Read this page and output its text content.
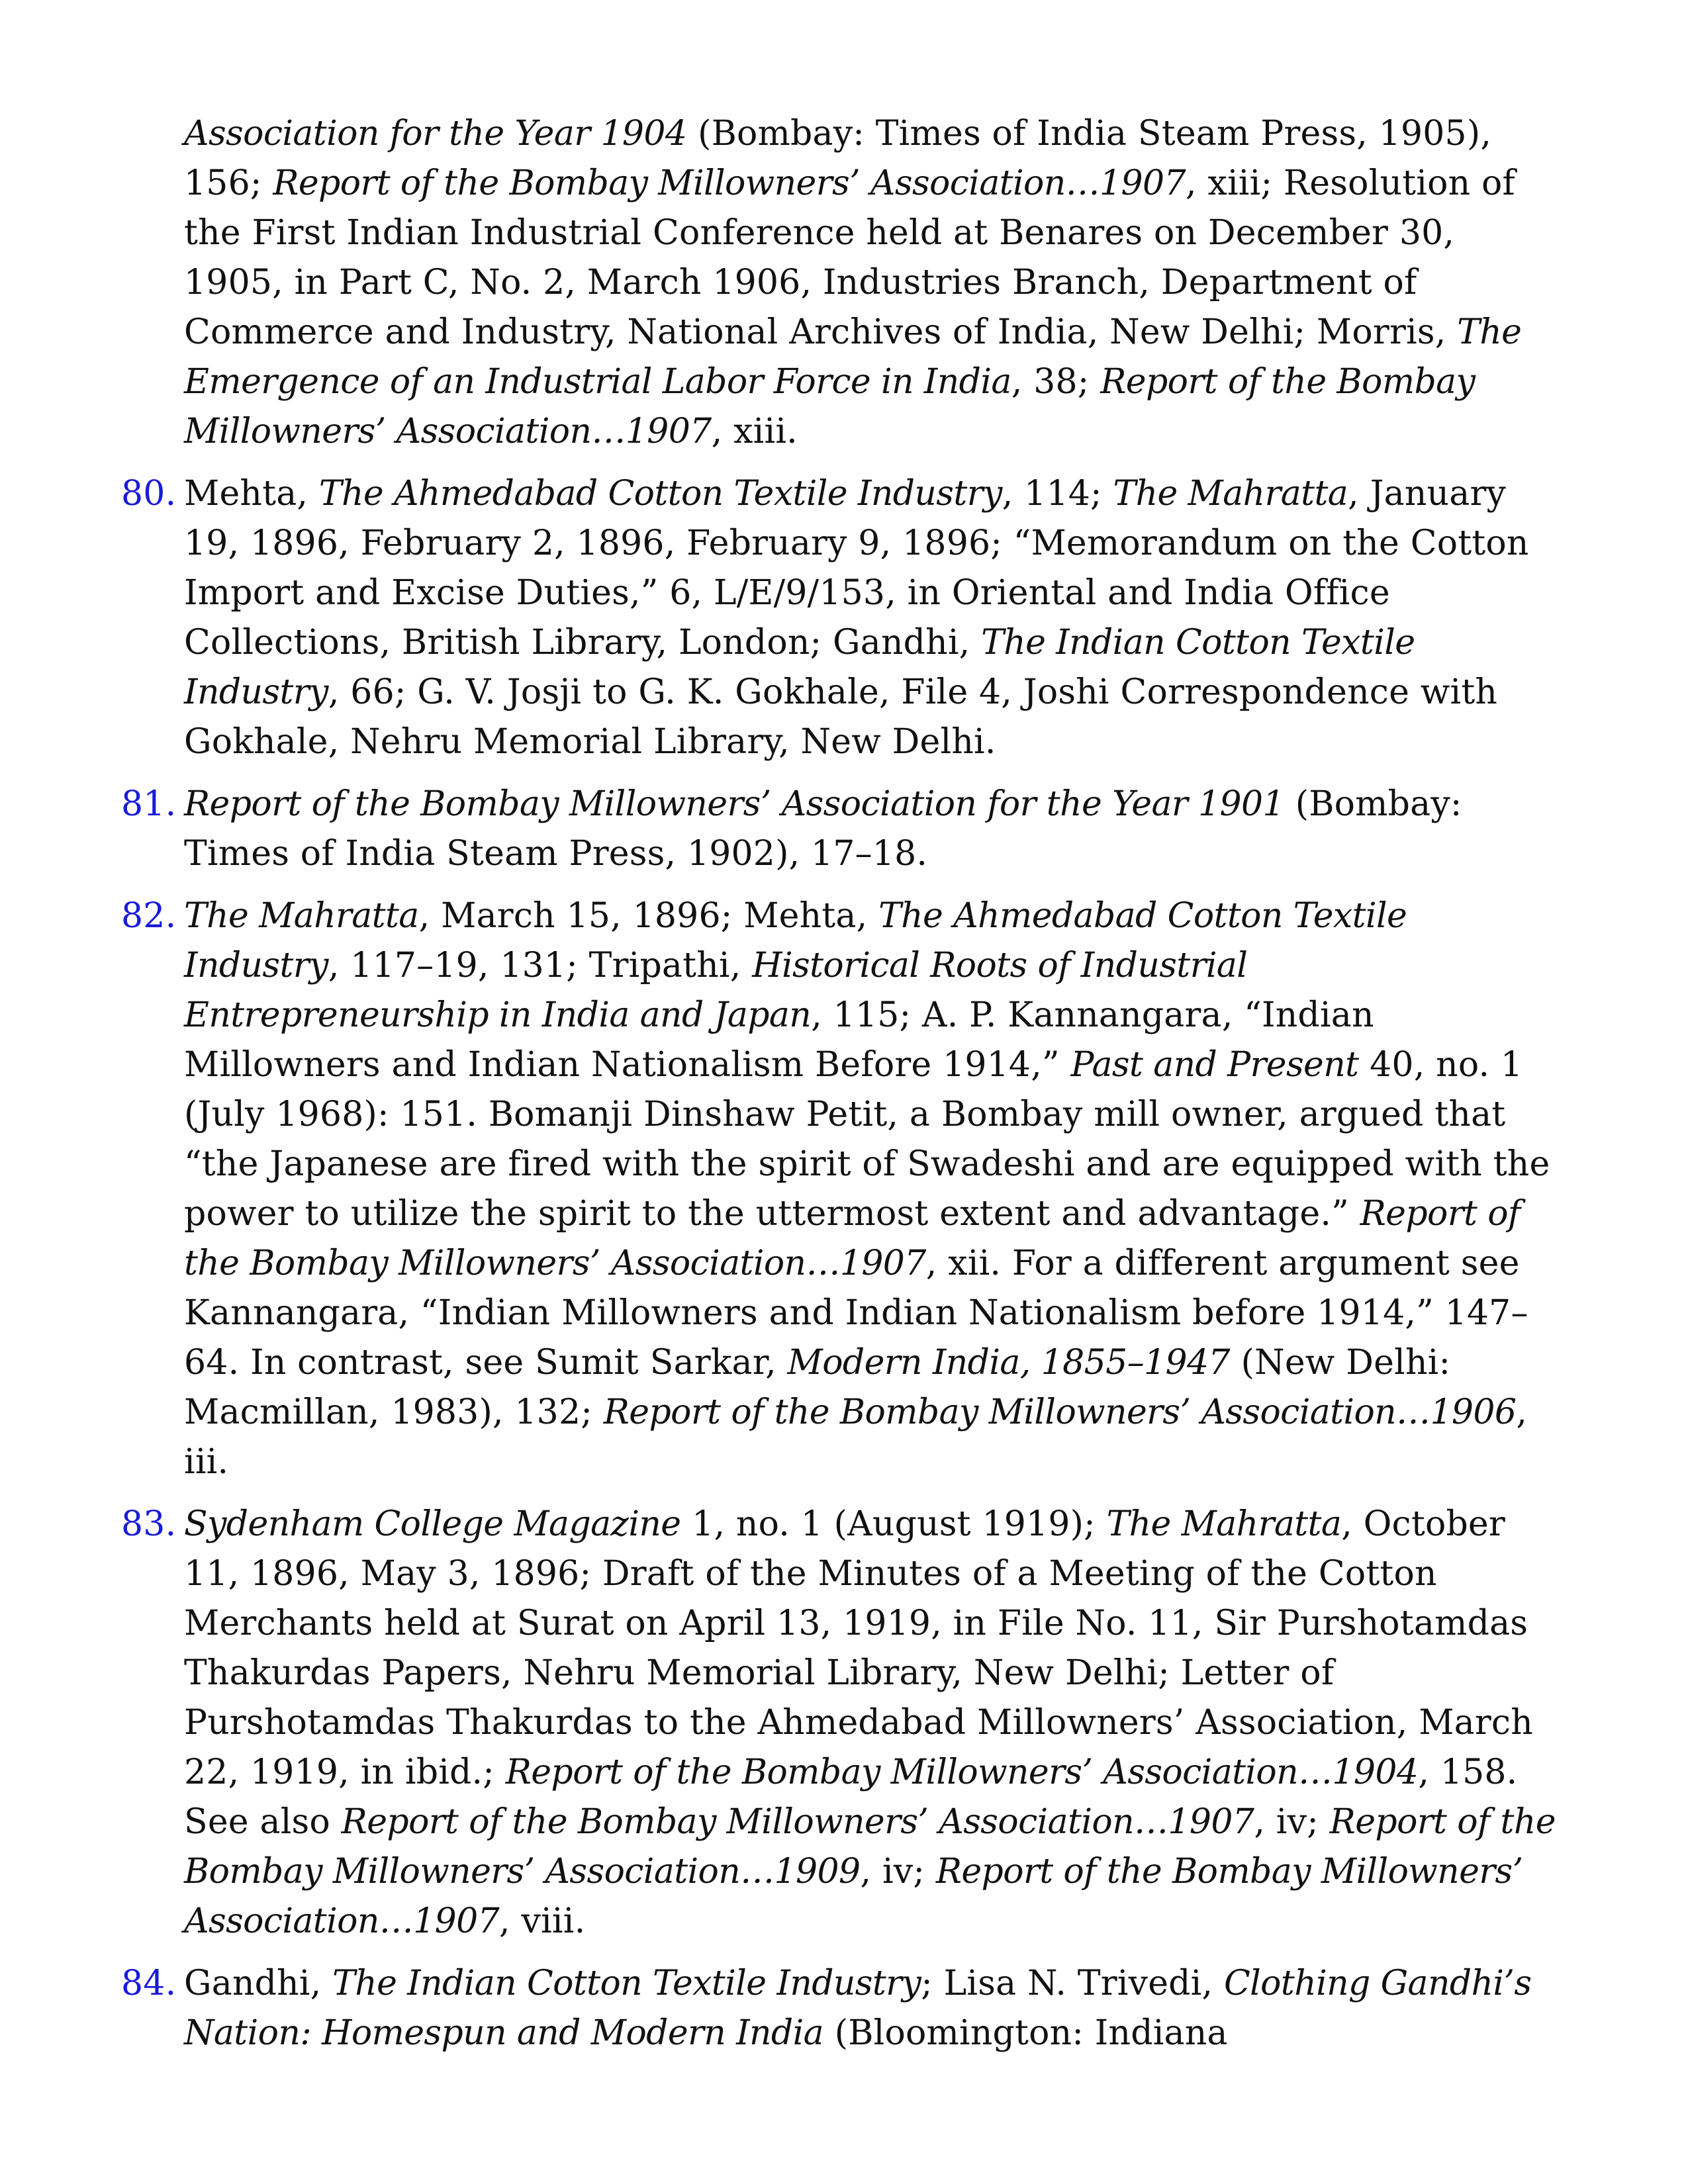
Association for the Year 1904 (Bombay: Times of India Steam Press, 1905), 156; Report of the Bombay Millowners’ Association…1907, xiii; Resolution of the First Indian Industrial Conference held at Benares on December 30, 1905, in Part C, No. 2, March 1906, Industries Branch, Department of Commerce and Industry, National Archives of India, New Delhi; Morris, The Emergence of an Industrial Labor Force in India, 38; Report of the Bombay Millowners’ Association…1907, xiii.
80. Mehta, The Ahmedabad Cotton Textile Industry, 114; The Mahratta, January 19, 1896, February 2, 1896, February 9, 1896; “Memorandum on the Cotton Import and Excise Duties,” 6, L/E/9/153, in Oriental and India Office Collections, British Library, London; Gandhi, The Indian Cotton Textile Industry, 66; G. V. Josji to G. K. Gokhale, File 4, Joshi Correspondence with Gokhale, Nehru Memorial Library, New Delhi.
81. Report of the Bombay Millowners’ Association for the Year 1901 (Bombay: Times of India Steam Press, 1902), 17–18.
82. The Mahratta, March 15, 1896; Mehta, The Ahmedabad Cotton Textile Industry, 117–19, 131; Tripathi, Historical Roots of Industrial Entrepreneurship in India and Japan, 115; A. P. Kannangara, “Indian Millowners and Indian Nationalism Before 1914,” Past and Present 40, no. 1 (July 1968): 151. Bomanji Dinshaw Petit, a Bombay mill owner, argued that “the Japanese are fired with the spirit of Swadeshi and are equipped with the power to utilize the spirit to the uttermost extent and advantage.” Report of the Bombay Millowners’ Association…1907, xii. For a different argument see Kannangara, “Indian Millowners and Indian Nationalism before 1914,” 147–64. In contrast, see Sumit Sarkar, Modern India, 1855–1947 (New Delhi: Macmillan, 1983), 132; Report of the Bombay Millowners’ Association…1906, iii.
83. Sydenham College Magazine 1, no. 1 (August 1919); The Mahratta, October 11, 1896, May 3, 1896; Draft of the Minutes of a Meeting of the Cotton Merchants held at Surat on April 13, 1919, in File No. 11, Sir Purshotamdas Thakurdas Papers, Nehru Memorial Library, New Delhi; Letter of Purshotamdas Thakurdas to the Ahmedabad Millowners’ Association, March 22, 1919, in ibid.; Report of the Bombay Millowners’ Association…1904, 158. See also Report of the Bombay Millowners’ Association…1907, iv; Report of the Bombay Millowners’ Association…1909, iv; Report of the Bombay Millowners’ Association…1907, viii.
84. Gandhi, The Indian Cotton Textile Industry; Lisa N. Trivedi, Clothing Gandhi’s Nation: Homespun and Modern India (Bloomington: Indiana
